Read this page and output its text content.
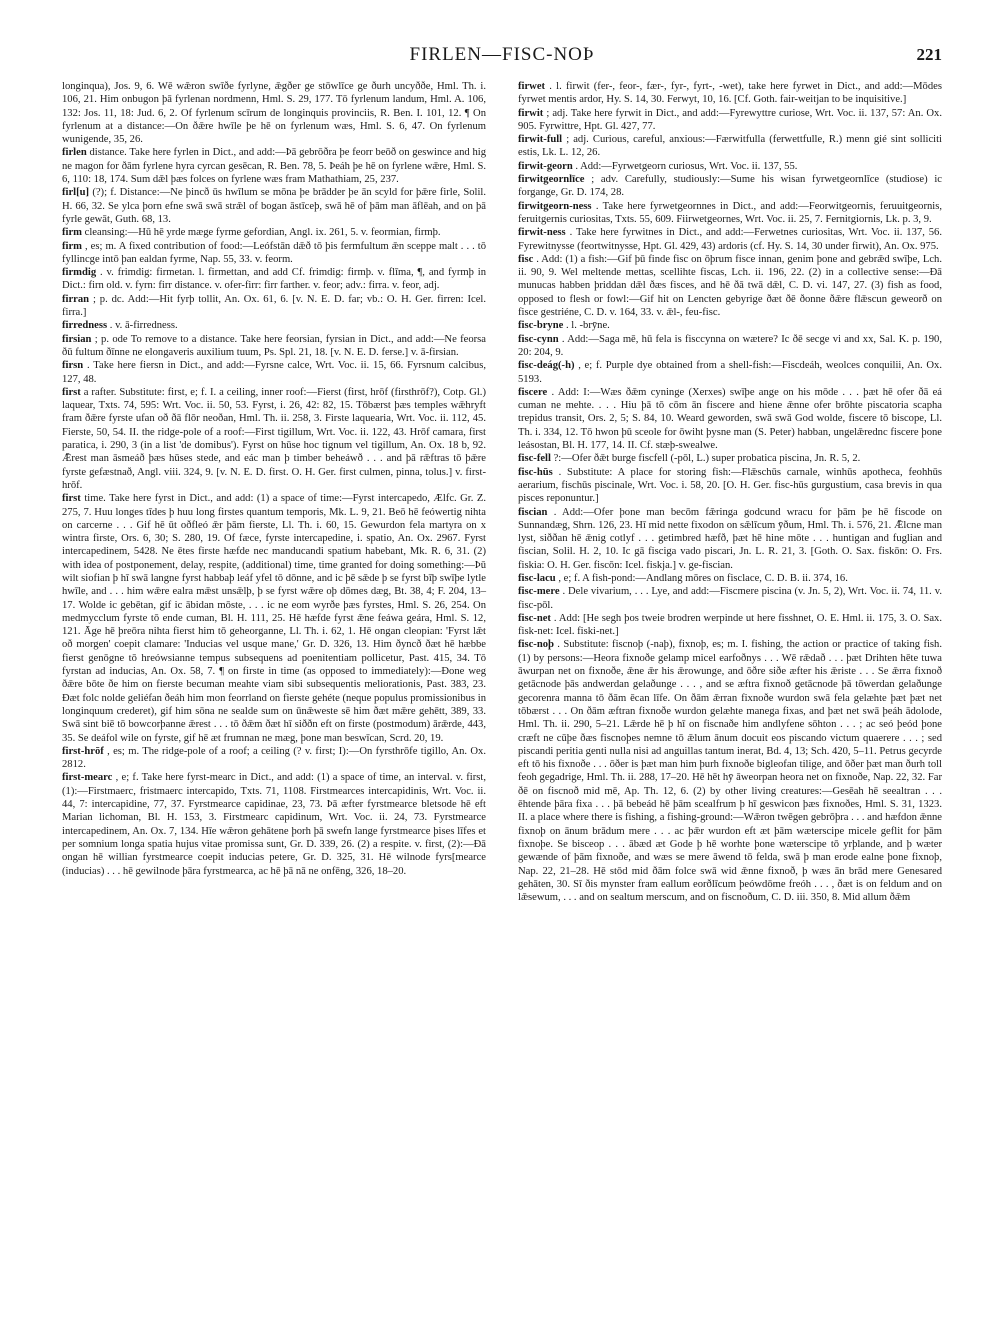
FIRLEN—FISC-NOÞ	221

longinqua), Jos. 9, 6. Wē wǣron swīðe fyrlyne, ǣgðer ge stōwlīce ge ðurh uncyððe, Hml. Th. i. 106, 21. Him onbugon þā fyrlenan nordmenn, Hml. S. 29, 177. Tō fyrlenum landum, Hml. A. 106, 132: Jos. 11, 18: Jud. 6, 2. Of fyrlenum scīrum de longinquis provinciis, R. Ben. I. 101, 12. ¶ On fyrlenum at a distance:—On ðǣre hwīle þe hē on fyrlenum wæs, Hml. S. 6, 47. On fyrlenum wunigende, 35, 26.

firlen distance. Take here fyrlen in Dict., and add:—Þā gebrōðra þe feorr beōð on geswince and hig ne magon for ðām fyrlene hyra cyrcan gesēcan, R. Ben. 78, 5. Þeáh þe hē on fyrlene wǣre, Hml. S. 6, 110: 18, 174. Sum dǣl þæs folces on fyrlene wæs fram Mathathiam, 25, 237.

firl[u] (?); f. Distance:—Ne þincð ūs hwīlum se mōna þe brādder þe ān scyld for þǣre firle, Solil. H. 66, 32. Se ylca þorn efne swā swā strǣl of bogan āstīceþ, swā hē of þām man āflēah, and on þā fyrle gewāt, Guth. 68, 13.

firm cleansing:—Hū hē yrde mæge fyrme gefordian, Angl. ix. 261, 5. v. feormian, firmþ.

firm , es; m. A fixed contribution of food:—Leófstān dǣð tō þis fermfultum ǣn sceppe malt . . . tō fyllincge intō þan ealdan fyrme, Nap. 55, 33. v. feorm.

firmdig . v. frimdig: firmetan. l. firmettan, and add Cf. frimdig: firmþ. v. flīma, ¶, and fyrmþ in Dict.: firn old. v. fyrn: firr distance. v. ofer-firr: firr farther. v. feor; adv.: firra. v. feor, adj.

firran ; p. dc. Add:—Hit fyrþ tollit, An. Ox. 61, 6. [v. N. E. D. far; vb.: O. H. Ger. firren: Icel. firra.]

firredness . v. ā-firredness.

firsian ; p. ode To remove to a distance. Take here feorsian, fyrsian in Dict., and add:—Ne feorsa ðū fultum ðīnne ne elongaveris auxilium tuum, Ps. Spl. 21, 18. [v. N. E. D. ferse.] v. ā-firsian.

firsn . Take here fiersn in Dict., and add:—Fyrsne calce, Wrt. Voc. ii. 15, 66. Fyrsnum calcibus, 127, 48.

first a rafter. Substitute: first, e; f. I. a ceiling, inner roof:—Fierst (first, hrōf (firsthrōf?), Cotp. Gl.) laquear, Txts. 74, 595: Wrt. Voc. ii. 50, 53. Fyrst, i. 26, 42: 82, 15. Tōbærst þæs temples wǣhryft fram ðǣre fyrste ufan oð ðā flōr neoðan, Hml. Th. ii. 258, 3. Firste laquearia, Wrt. Voc. ii. 112, 45. Fierste, 50, 54. II. the ridge-pole of a roof:—First tigillum, Wrt. Voc. ii. 122, 43. Hrōf camara, first paratica, i. 290, 3 (in a list 'de domibus'). Fyrst on hūse hoc tignum vel tigillum, An. Ox. 18 b, 92. Ǣrest man āsmeáð þæs hūses stede, and eác man þ timber beheáwð . . . and þā rǣftras tō þǣre fyrste gefæstnað, Angl. viii. 324, 9. [v. N. E. D. first. O. H. Ger. first culmen, pinna, tolus.] v. first-hrōf.

first time. Take here fyrst in Dict., and add: (1) a space of time:—Fyrst intercapedo, Ælfc. Gr. Z. 275, 7. Huu longes tīdes þ huu long firstes quantum temporis, Mk. L. 9, 21. Beō hē feówertig nihta on carcerne . . . Gif hē ūt oðfleó ǣr þām fierste, Ll. Th. i. 60, 15. Gewurdon fela martyra on x wintra firste, Ors. 6, 30; S. 280, 19. Of fæce, fyrste intercapedine, i. spatio, An. Ox. 2967. Fyrst intercapedinem, 5428. Ne ētes firste hæfde nec manducandi spatium habebant, Mk. R. 6, 31. (2) with idea of postponement, delay, respite, (additional) time, time granted for doing something:—Þū wilt siofian þ hī swā langne fyrst habbaþ leáf yfel tō dōnne, and ic þē sǣde þ se fyrst bīþ swīþe lytle hwīle, and . . . him wǣre ealra mǣst unsǣlþ, þ se fyrst wǣre oþ dōmes dæg, Bt. 38, 4; F. 204, 13–17. Wolde ic gebētan, gif ic ābidan mōste, . . . ic ne eom wyrðe þæs fyrstes, Hml. S. 26, 254. On medmycclum fyrste tō ende cuman, Bl. H. 111, 25. Hē hæfde fyrst ǣne feáwa geára, Hml. S. 12, 121. Āge hē þreōra nihta fierst him tō geheorganne, Ll. Th. i. 62, 1. Hē ongan cleopian: 'Fyrst lǣt oð morgen' coepit clamare: 'Inducias vel usque mane,' Gr. D. 326, 13. Him ðyncð ðæt hē hæbbe fierst genōgne tō hreówsianne tempus subsequens ad poenitentiam pollicetur, Past. 415, 34. Tō fyrstan ad inducias, An. Ox. 58, 7. ¶ on firste in time (as opposed to immediately):—Ðone weg ðǣre bōte ðe him on fierste becuman meahte viam sibi subsequentis meliorationis, Past. 383, 23. Ðæt folc nolde geliéfan ðeáh him mon feorrland on fierste gehéte (neque populus promissionibus in longinquum crederet), gif him sōna ne sealde sum on ūnǣweste sē him ðæt mǣre gehētt, 389, 33. Swā sint biē tō bowcorþanne ǣrest . . . tō ðǣm ðæt hī siððn eft on firste (postmodum) ārǣrde, 443, 35. Se deáfol wile on fyrste, gif hē æt frumnan ne mæg, þone man beswīcan, Scrd. 20, 19.

first-hrōf , es; m. The ridge-pole of a roof; a ceiling (? v. first; I):—On fyrsthrōfe tigillo, An. Ox. 2812.

first-mearc , e; f. Take here fyrst-mearc in Dict., and add: (1) a space of time, an interval. v. first, (1):—Firstmaerc, fristmaerc intercapido, Txts. 71, 1108. Firstmearces intercapidinis, Wrt. Voc. ii. 44, 7: intercapidine, 77, 37. Fyrstmearce capidinae, 23, 73. Þā æfter fyrstmearce bletsode hē eft Marian lichoman, Bl. H. 153, 3. Firstmearc capidinum, Wrt. Voc. ii. 24, 73. Fyrstmearce intercapedinem, An. Ox. 7, 134. Hīe wǣron gehātene þorh þā swefn lange fyrstmearce þises līfes et per somnium longa spatia hujus vitae promissa sunt, Gr. D. 339, 26. (2) a respite. v. first, (2):—Ðā ongan hē willian fyrstmearce coepit inducias petere, Gr. D. 325, 31. Hē wilnode fyrs[mearce (inducias) . . . hē gewilnode þāra fyrstmearca, ac hē þā nā ne onfēng, 326, 18–20.

firwet . l. firwit (fer-, feor-, fær-, fyr-, fyrt-, -wet), take here fyrwet in Dict., and add:—Mōdes fyrwet mentis ardor, Hy. S. 14, 30. Ferwyt, 10, 16. [Cf. Goth. fair-weitjan to be inquisitive.]

firwit ; adj. Take here fyrwit in Dict., and add:—Fyrewyttre curiose, Wrt. Voc. ii. 137, 57: An. Ox. 905. Fyrwittre, Hpt. Gl. 427, 77.

firwit-full ; adj. Curious, careful, anxious:—Færwitfulla (ferwettfulle, R.) menn gié sint solliciti estis, Lk. L. 12, 26.

firwit-georn . Add:—Fyrwetgeorn curiosus, Wrt. Voc. ii. 137, 55.

firwitgeornlīce ; adv. Carefully, studiously:—Sume his wisan fyrwetgeornlīce (studiose) ic forgange, Gr. D. 174, 28.

firwitgeorn-ness . Take here fyrwetgeornnes in Dict., and add:—Feorwitgeornis, feruuitgeornis, feruitgernis curiositas, Txts. 55, 609. Fiirwetgeornes, Wrt. Voc. ii. 25, 7. Fernitgiornis, Lk. p. 3, 9.

firwit-ness . Take here fyrwitnes in Dict., and add:—Ferwetnes curiositas, Wrt. Voc. ii. 137, 56. Fyrewitnysse (feortwitnysse, Hpt. Gl. 429, 43) ardoris (cf. Hy. S. 14, 30 under firwit), An. Ox. 975.

fisc . Add: (1) a fish:—Gif þū finde fisc on ōþrum fisce innan, genim þone and gebrǣd swīþe, Lch. ii. 90, 9. Wel meltende mettas, scellihte fiscas, Lch. ii. 196, 22. (2) in a collective sense:—Ðā munucas habben þriddan dǣl ðæs fisces, and hē ðā twā dǣl, C. D. vi. 147, 27. (3) fish as food, opposed to flesh or fowl:—Gif hit on Lencten gebyrige ðæt ðē ðonne ðǣre flǣscun geweorð on fisce gestriéne, C. D. v. 164, 33. v. ǣl-, feu-fisc.

fisc-bryne . l. -brȳne.

fisc-cynn . Add:—Saga mē, hū fela is fisccynna on wætere? Ic ðē secge vi and xx, Sal. K. p. 190, 20: 204, 9.

fisc-deág(-h) , e; f. Purple dye obtained from a shell-fish:—Fiscdeáh, weolces conquilii, An. Ox. 5193.

fiscere . Add: I:—Wæs ðǣm cyninge (Xerxes) swīþe ange on his mōde . . . þæt hē ofer ðā eá cuman ne mehte. . . . Hiu þā tō cōm ān fiscere and hiene ǣnne ofer brōhte piscatoria scapha trepidus transit, Ors. 2, 5; S. 84, 10. Weard geworden, swā swā God wolde, fiscere tō biscope, Ll. Th. i. 334, 12. Tō hwon þū sceole for ōwiht þysne man (S. Peter) habban, ungelǣrednc fiscere þone leásostan, Bl. H. 177, 14. II. Cf. stæþ-swealwe.

fisc-fell ?:—Ofer ðǣt burge fiscfell (-pōl, L.) super probatica piscina, Jn. R. 5, 2.

fisc-hūs . Substitute: A place for storing fish:—Flǣschūs carnale, winhūs apotheca, feohhūs aerarium, fischūs piscinale, Wrt. Voc. i. 58, 20. [O. H. Ger. fisc-hūs gurgustium, casa brevis in qua pisces reponuntur.]

fiscian . Add:—Ofer þone man becōm fǣringa godcund wracu for þām þe hē fiscode on Sunnandæg, Shrn. 126, 23. Hī mid nette fixodon on sǣlīcum ȳðum, Hml. Th. i. 576, 21. Ǣlcne man lyst, siððan hē ǣnig cotlyf . . . getimbred hæfð, þæt hē hine mōte . . . huntigan and fuglian and fiscian, Solil. H. 2, 10. Ic gā fiscigа vado piscari, Jn. L. R. 21, 3. [Goth. O. Sax. fiskōn: O. Frs. fiskia: O. H. Ger. fiscōn: Icel. fiskja.] v. ge-fiscian.

fisc-lacu , e; f. A fish-pond:—Andlang mōres on fisclace, C. D. B. ii. 374, 16.

fisc-mere . Dele vivarium, . . . Lye, and add:—Fiscmere piscina (v. Jn. 5, 2), Wrt. Voc. ii. 74, 11. v. fisc-pōl.

fisc-net . Add: [He segh þos tweie brodren werpinde ut here fisshnet, O. E. Hml. ii. 175, 3. O. Sax. fisk-net: Icel. fiski-net.]

fisc-noþ . Substitute: fiscnoþ (-naþ), fixnoþ, es; m. I. fishing, the action or practice of taking fish. (1) by persons:—Heora fixnoðe gelamp micel earfoðnys . . . Wē rǣdað . . . þæt Drihten hēte tuwa āwurpan net on fixnoðe, ǣne ǣr his ǣrowunge, and ōðre siðe æfter his ǣriste . . . Se ǣrra fixnoð getācnode þās andwerdan gelaðunge . . . , and se æftra fixnoð getācnode þā tōwerdan gelaðunge gecorenra manna tō ðām ēcan līfe. On ðām ǣrran fixnoðe wurdon swā fela gelæhte þæt þæt net tōbærst . . . On ðām æftran fixnoðe wurdon gelæhte manega fixas, and þæt net swā þeáh ādolode, Hml. Th. ii. 290, 5–21. Lǣrde hē þ hī on fiscnaðe him andlyfene sōhton . . . ; ac seó þeód þone cræft ne cūþe ðæs fiscnoþes nemne tō ǣlum ānum docuit eos piscando victum quaerere . . . ; sed piscandi peritia genti nulla nisi ad anguillas tantum inerat, Bd. 4, 13; Sch. 420, 5–11. Petrus gecyrde eft tō his fixnoðe . . . ōðer is þæt man him þurh fixnoðe bigleofan tilige, and ōðer þæt man ðurh toll feoh gegadrige, Hml. Th. ii. 288, 17–20. Hē hēt hȳ āweorpan heora net on fixnoðe, Nap. 22, 32. Far ðē on fiscnoð mid mē, Ap. Th. 12, 6. (2) by other living creatures:—Gesēah hē seealtran . . . ēhtende þāra fixa . . . þā bebeád hē þām scealfrum þ hī geswicon þæs fixnoðes, Hml. S. 31, 1323. II. a place where there is fishing, a fishing-ground:—Wǣron twēgen gebrōþra . . . and hæfdon ǣnne fixnoþ on ānum brādum mere . . . ac þǣr wurdon eft æt þām wæterscipe micele geflit for þām fixnoþe. Se bisceop . . . ābæd æt Gode þ hē worhte þone wæterscipe tō yrþlande, and þ wæter gewænde of þām fixnoðe, and wæs se mere āwend tō felda, swā þ man erode ealne þone fixnoþ, Nap. 22, 21–28. Hē stōd mid ðām folce swā wid ǣnne fixnoð, þ wæs ān brād mere Genesared gehāten, 30. Sī ðis mynster fram eallum eorðlīcum þeówdōme freóh . . . , ðæt is on feldum and on lǣsewum, . . . and on sealtum merscum, and on fiscnoðum, C. D. iii. 350, 8. Mid allum ðǣm
